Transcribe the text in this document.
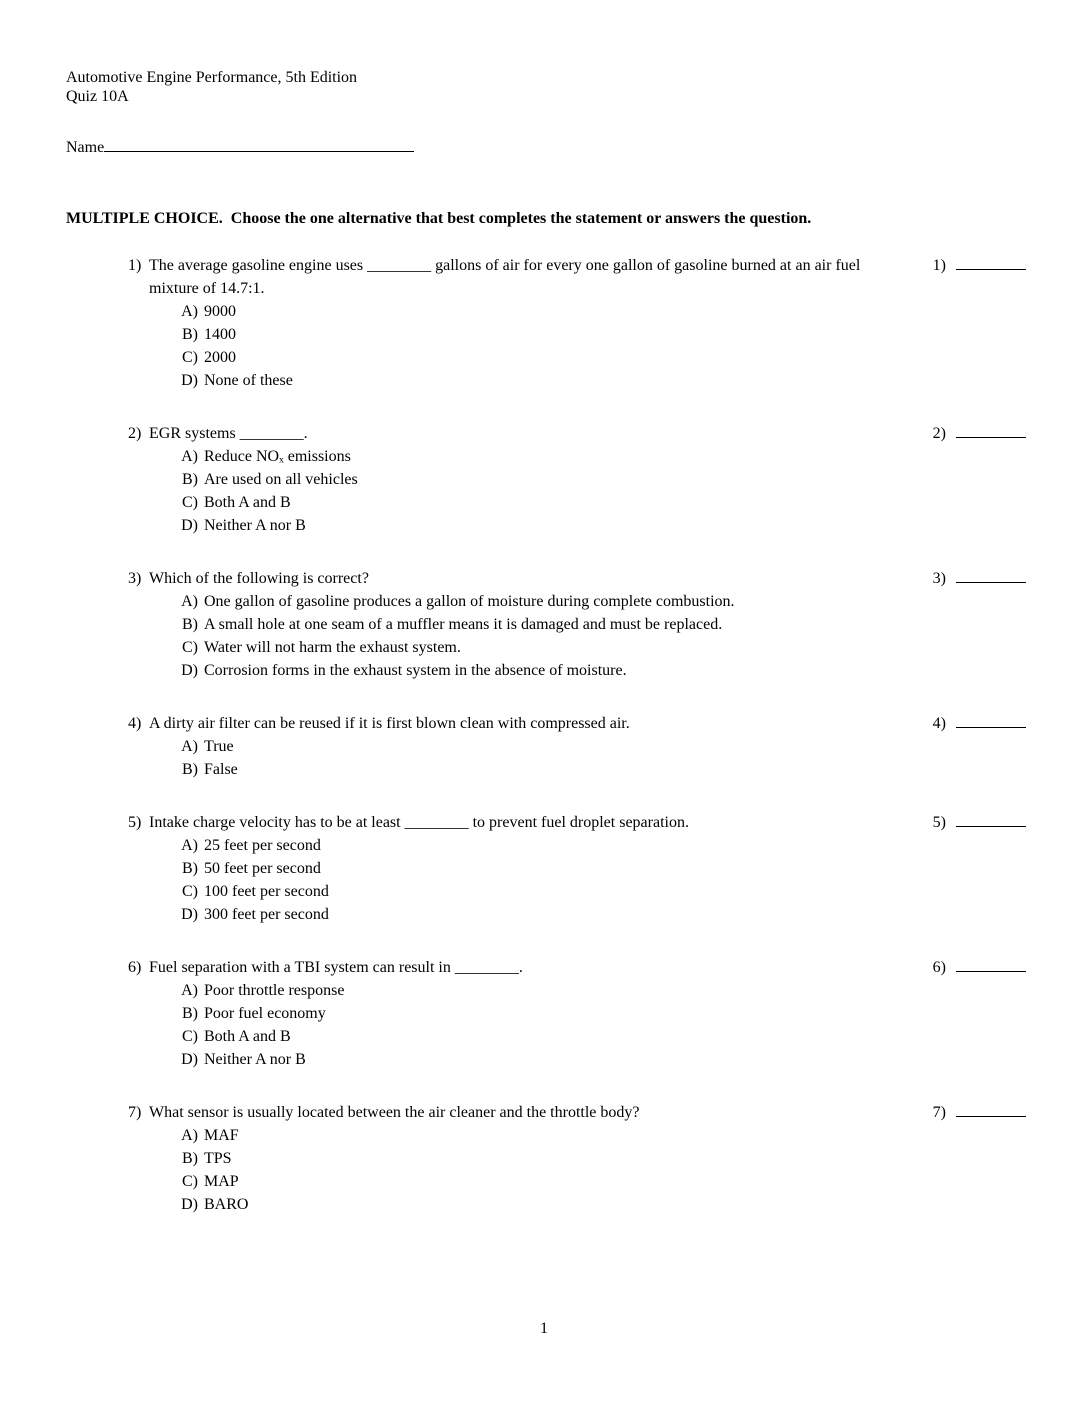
Automotive Engine Performance, 5th Edition
Quiz 10A
Name
MULTIPLE CHOICE.  Choose the one alternative that best completes the statement or answers the question.
1) The average gasoline engine uses ________ gallons of air for every one gallon of gasoline burned at an air fuel mixture of 14.7:1.
A) 9000
B) 1400
C) 2000
D) None of these
1)
2) EGR systems ________.
A) Reduce NOₓ emissions
B) Are used on all vehicles
C) Both A and B
D) Neither A nor B
2)
3) Which of the following is correct?
A) One gallon of gasoline produces a gallon of moisture during complete combustion.
B) A small hole at one seam of a muffler means it is damaged and must be replaced.
C) Water will not harm the exhaust system.
D) Corrosion forms in the exhaust system in the absence of moisture.
3)
4) A dirty air filter can be reused if it is first blown clean with compressed air.
A) True
B) False
4)
5) Intake charge velocity has to be at least ________ to prevent fuel droplet separation.
A) 25 feet per second
B) 50 feet per second
C) 100 feet per second
D) 300 feet per second
5)
6) Fuel separation with a TBI system can result in ________.
A) Poor throttle response
B) Poor fuel economy
C) Both A and B
D) Neither A nor B
6)
7) What sensor is usually located between the air cleaner and the throttle body?
A) MAF
B) TPS
C) MAP
D) BARO
7)
1
